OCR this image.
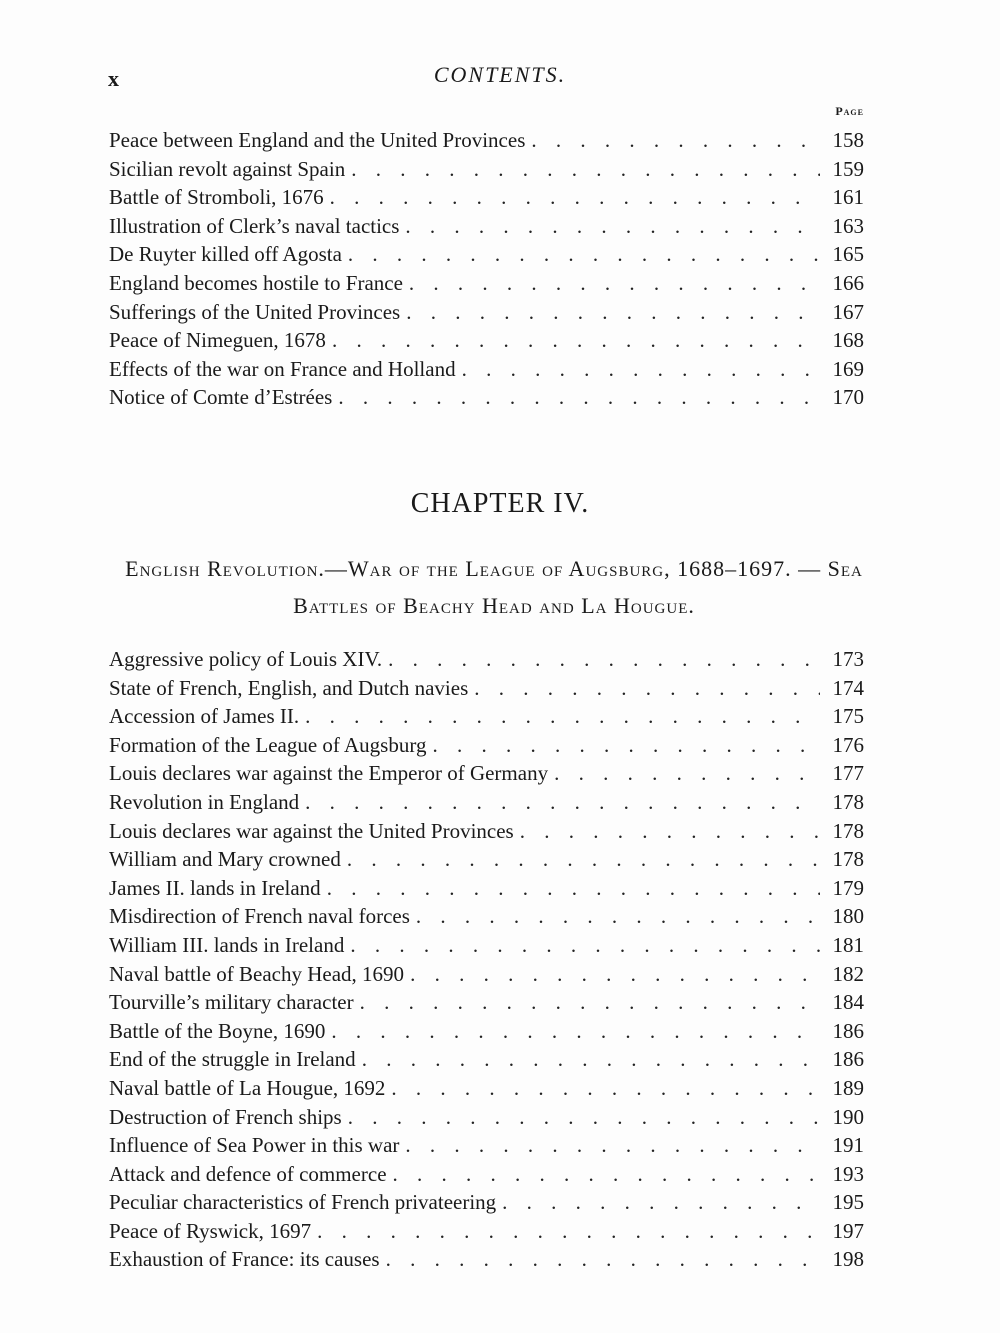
x	CONTENTS.
Page
Peace between England and the United Provinces . . .	158
Sicilian revolt against Spain . . .	159
Battle of Stromboli, 1676 . . .	161
Illustration of Clerk’s naval tactics . . .	163
De Ruyter killed off Agosta . . .	165
England becomes hostile to France . . .	166
Sufferings of the United Provinces . . .	167
Peace of Nimeguen, 1678 . . .	168
Effects of the war on France and Holland . . .	169
Notice of Comte d’Estrées . . .	170
CHAPTER IV.
English Revolution.—War of the League of Augsburg, 1688–1697. — Sea Battles of Beachy Head and La Hougue.
Aggressive policy of Louis XIV. . . .	173
State of French, English, and Dutch navies . . .	174
Accession of James II. . . .	175
Formation of the League of Augsburg . . .	176
Louis declares war against the Emperor of Germany . . .	177
Revolution in England . . .	178
Louis declares war against the United Provinces . . .	178
William and Mary crowned . . .	178
James II. lands in Ireland . . .	179
Misdirection of French naval forces . . .	180
William III. lands in Ireland . . .	181
Naval battle of Beachy Head, 1690 . . .	182
Tourville’s military character . . .	184
Battle of the Boyne, 1690 . . .	186
End of the struggle in Ireland . . .	186
Naval battle of La Hougue, 1692 . . .	189
Destruction of French ships . . .	190
Influence of Sea Power in this war . . .	191
Attack and defence of commerce . . .	193
Peculiar characteristics of French privateering . . .	195
Peace of Ryswick, 1697 . . .	197
Exhaustion of France: its causes . . .	198
